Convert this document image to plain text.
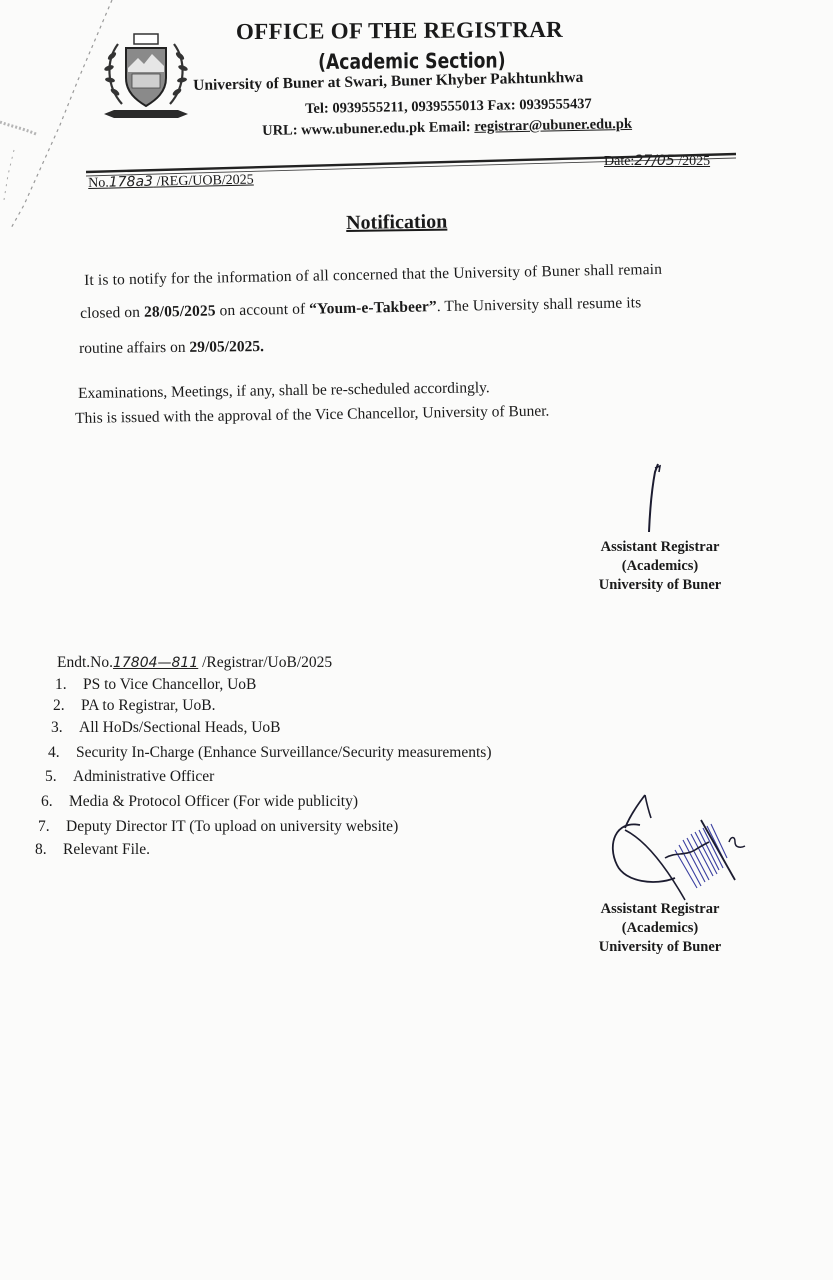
OFFICE OF THE REGISTRAR
(Academic Section)
University of Buner at Swari, Buner Khyber Pakhtunkhwa
Tel: 0939555211, 0939555013 Fax: 0939555437
URL: www.ubuner.edu.pk Email: registrar@ubuner.edu.pk
No.178a3 /REG/UOB/2025
Date:27/05 /2025
Notification
It is to notify for the information of all concerned that the University of Buner shall remain
closed on 28/05/2025 on account of “Youm-e-Takbeer”. The University shall resume its
routine affairs on 29/05/2025.
Examinations, Meetings, if any, shall be re-scheduled accordingly.
This is issued with the approval of the Vice Chancellor, University of Buner.
Assistant Registrar
(Academics)
University of Buner
Endt.No.17804—811 /Registrar/UoB/2025
1. PS to Vice Chancellor, UoB
2. PA to Registrar, UoB.
3. All HoDs/Sectional Heads, UoB
4. Security In-Charge (Enhance Surveillance/Security measurements)
5. Administrative Officer
6. Media & Protocol Officer (For wide publicity)
7. Deputy Director IT (To upload on university website)
8. Relevant File.
Assistant Registrar
(Academics)
University of Buner
